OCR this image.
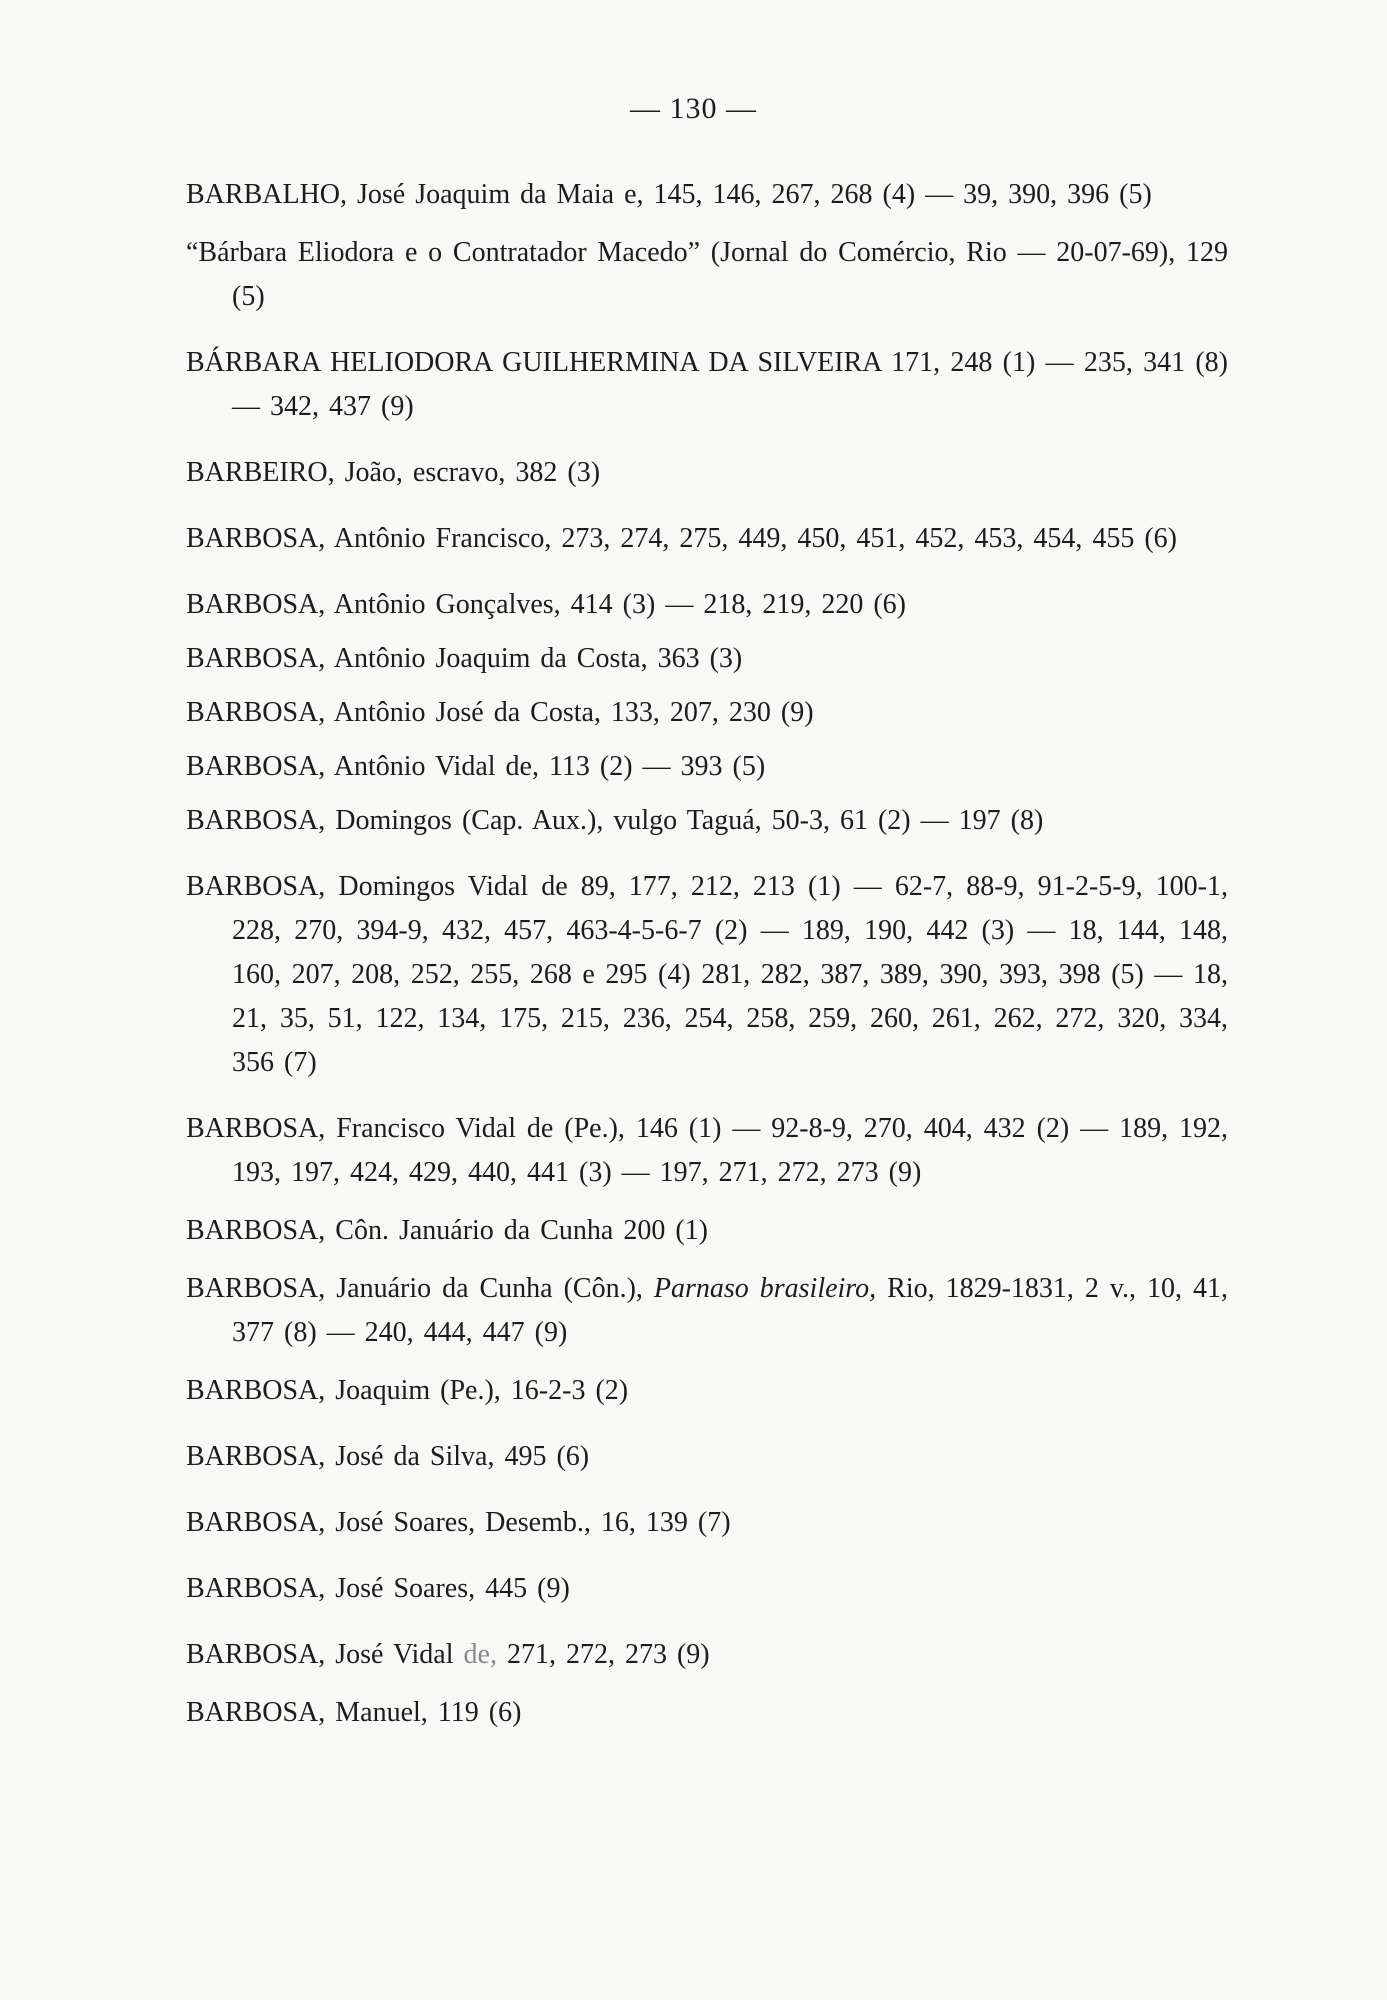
— 130 —
BARBALHO, José Joaquim da Maia e, 145, 146, 267, 268 (4) — 39, 390, 396 (5)
“Bárbara Eliodora e o Contratador Macedo” (Jornal do Comércio, Rio — 20-07-69), 129 (5)
BÁRBARA HELIODORA GUILHERMINA DA SILVEIRA 171, 248 (1) — 235, 341 (8) — 342, 437 (9)
BARBEIRO, João, escravo, 382 (3)
BARBOSA, Antônio Francisco, 273, 274, 275, 449, 450, 451, 452, 453, 454, 455 (6)
BARBOSA, Antônio Gonçalves, 414 (3) — 218, 219, 220 (6)
BARBOSA, Antônio Joaquim da Costa, 363 (3)
BARBOSA, Antônio José da Costa, 133, 207, 230 (9)
BARBOSA, Antônio Vidal de, 113 (2) — 393 (5)
BARBOSA, Domingos (Cap. Aux.), vulgo Taguá, 50-3, 61 (2) — 197 (8)
BARBOSA, Domingos Vidal de 89, 177, 212, 213 (1) — 62-7, 88-9, 91-2-5-9, 100-1, 228, 270, 394-9, 432, 457, 463-4-5-6-7 (2) — 189, 190, 442 (3) — 18, 144, 148, 160, 207, 208, 252, 255, 268 e 295 (4) 281, 282, 387, 389, 390, 393, 398 (5) — 18, 21, 35, 51, 122, 134, 175, 215, 236, 254, 258, 259, 260, 261, 262, 272, 320, 334, 356 (7)
BARBOSA, Francisco Vidal de (Pe.), 146 (1) — 92-8-9, 270, 404, 432 (2) — 189, 192, 193, 197, 424, 429, 440, 441 (3) — 197, 271, 272, 273 (9)
BARBOSA, Côn. Januário da Cunha 200 (1)
BARBOSA, Januário da Cunha (Côn.), Parnaso brasileiro, Rio, 1829-1831, 2 v., 10, 41, 377 (8) — 240, 444, 447 (9)
BARBOSA, Joaquim (Pe.), 16-2-3 (2)
BARBOSA, José da Silva, 495 (6)
BARBOSA, José Soares, Desemb., 16, 139 (7)
BARBOSA, José Soares, 445 (9)
BARBOSA, José Vidal de, 271, 272, 273 (9)
BARBOSA, Manuel, 119 (6)
